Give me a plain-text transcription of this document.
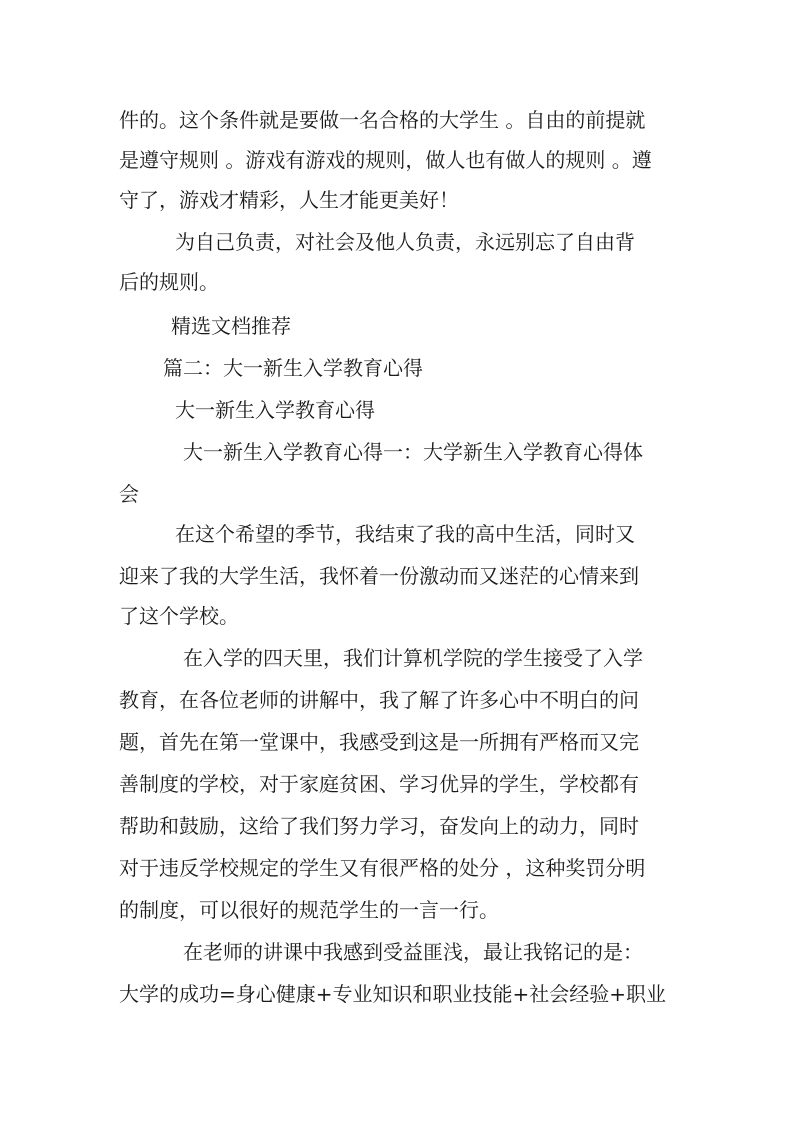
件的。这个条件就是要做一名合格的大学生 。自由的前提就
是遵守规则 。游戏有游戏的规则，做人也有做人的规则 。遵
守了，游戏才精彩，人生才能更美好！
为自己负责，对社会及他人负责，永远别忘了自由背
后的规则。
精选文档推荐
篇二：大一新生入学教育心得
大一新生入学教育心得
大一新生入学教育心得一：大学新生入学教育心得体
会
在这个希望的季节，我结束了我的高中生活，同时又
迎来了我的大学生活，我怀着一份激动而又迷茫的心情来到
了这个学校。
在入学的四天里，我们计算机学院的学生接受了入学
教育，在各位老师的讲解中，我了解了许多心中不明白的问
题，首先在第一堂课中，我感受到这是一所拥有严格而又完
善制度的学校，对于家庭贫困、学习优异的学生，学校都有
帮助和鼓励，这给了我们努力学习，奋发向上的动力，同时
对于违反学校规定的学生又有很严格的处分 ，这种奖罚分明
的制度，可以很好的规范学生的一言一行。
在老师的讲课中我感到受益匪浅，最让我铭记的是：
大学的成功=身心健康+专业知识和职业技能+社会经验+职业
